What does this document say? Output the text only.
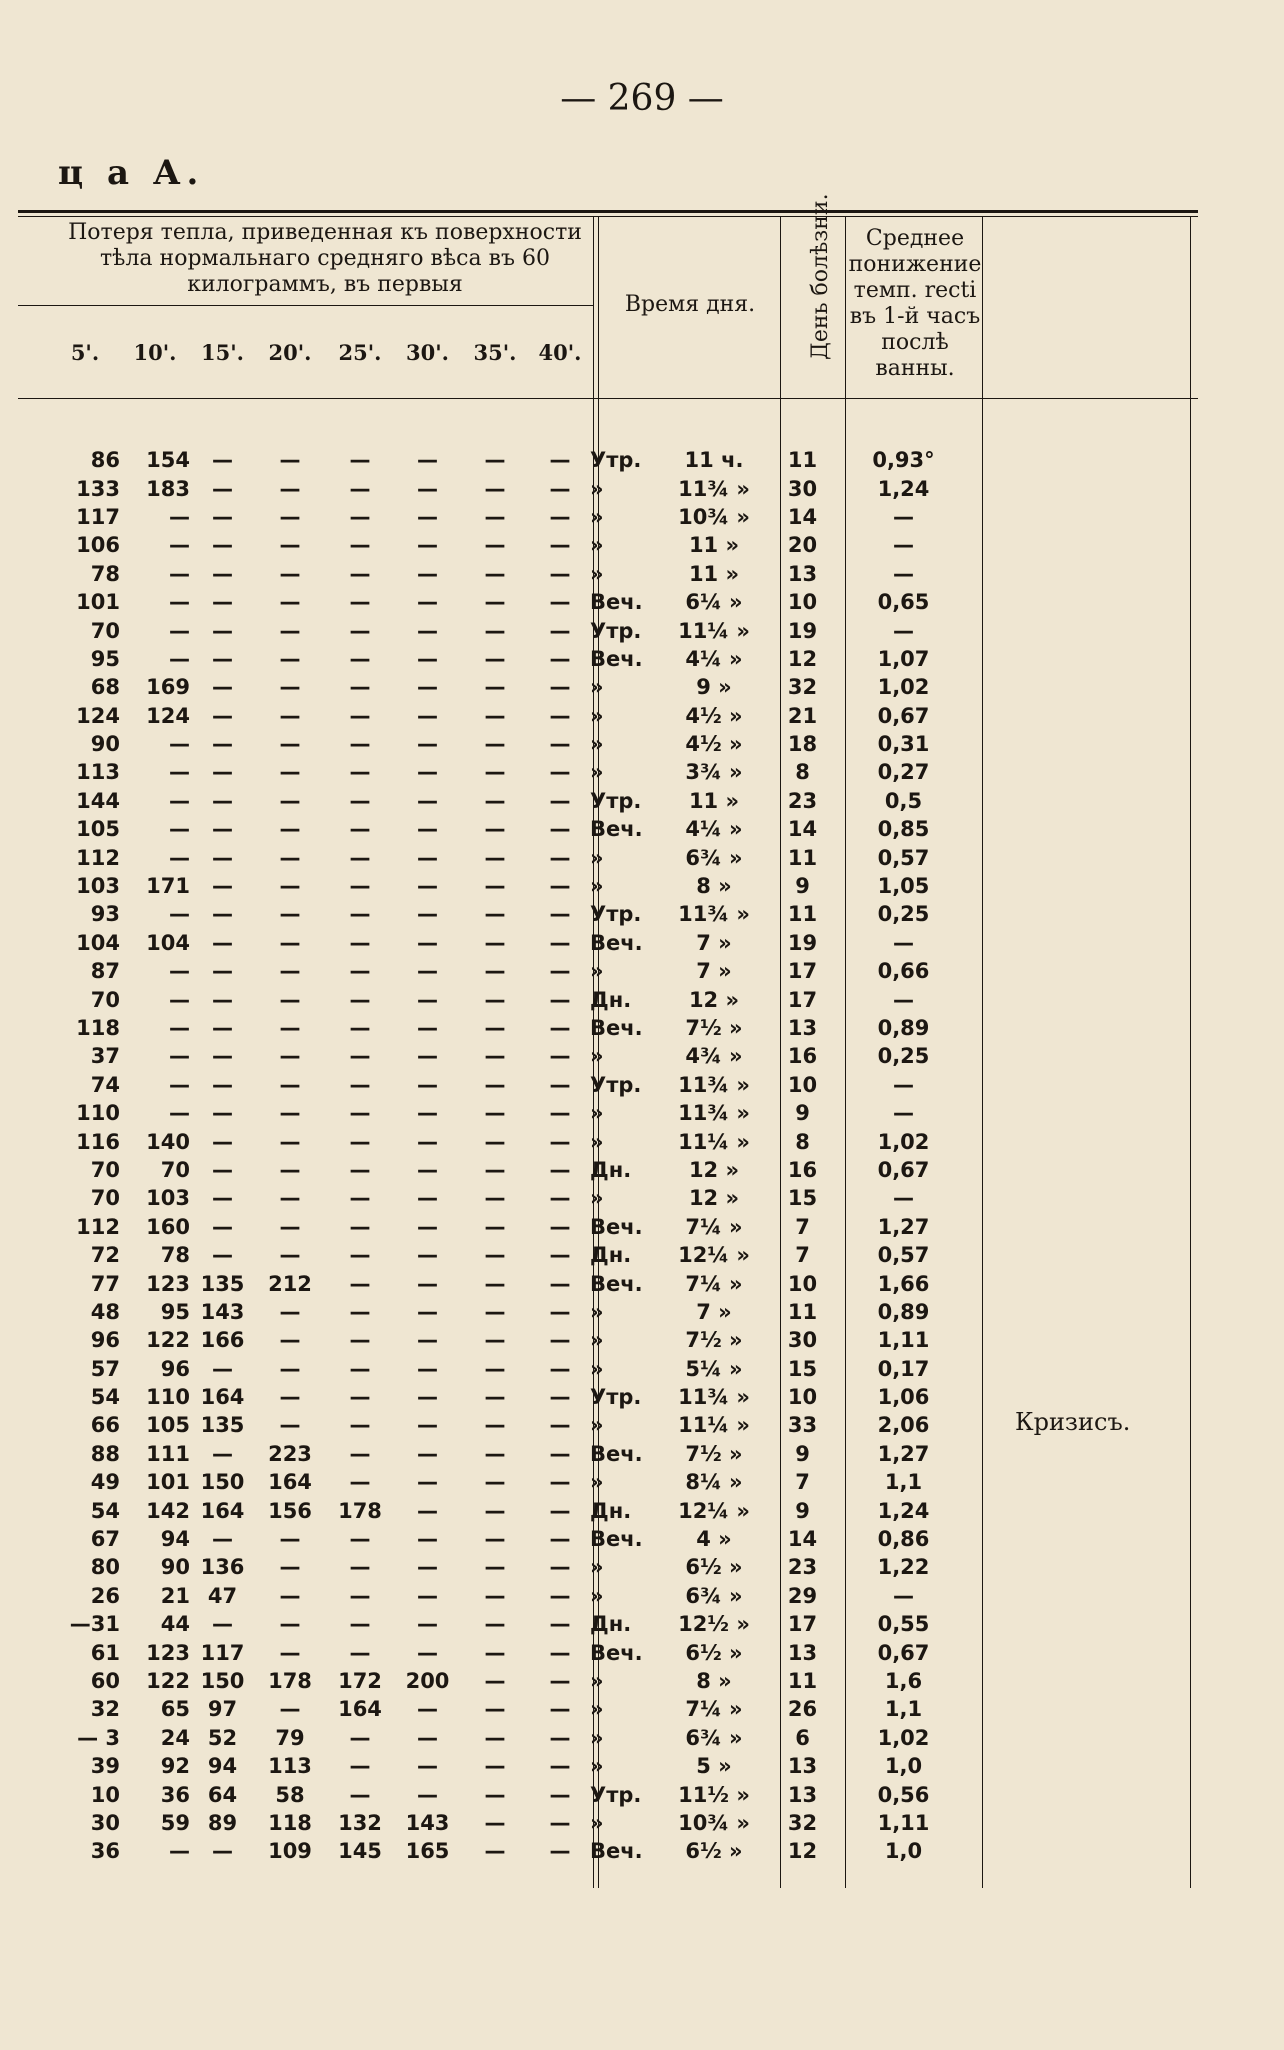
— 269 —
ц а А.
Потеря тепла, приведенная къ поверхности тѣла нормальнаго средняго вѣса въ 60 килограммъ, въ первыя
5'.	10'.	15'.	20'.	25'.	30'.	35'.	40'.
Время дня.	День болѣзни.	Среднее понижение темп. recti въ 1-й часъ послѣ ванны.
86	154	—	—	—	—	—	—	Утр.	11 ч.	11	0,93°
133	183	—	—	—	—	—	—	»	11¾ »	30	1,24
117	—	—	—	—	—	—	—	»	10¾ »	14	—
106	—	—	—	—	—	—	—	»	11 »	20	—
78	—	—	—	—	—	—	—	»	11 »	13	—
101	—	—	—	—	—	—	—	Веч.	6¼ »	10	0,65
70	—	—	—	—	—	—	—	Утр.	11¼ »	19	—
95	—	—	—	—	—	—	—	Веч.	4¼ »	12	1,07
68	169	—	—	—	—	—	—	»	9 »	32	1,02
124	124	—	—	—	—	—	—	»	4½ »	21	0,67
90	—	—	—	—	—	—	—	»	4½ »	18	0,31
113	—	—	—	—	—	—	—	»	3¾ »	8	0,27
144	—	—	—	—	—	—	—	Утр.	11 »	23	0,5
105	—	—	—	—	—	—	—	Веч.	4¼ »	14	0,85
112	—	—	—	—	—	—	—	»	6¾ »	11	0,57
103	171	—	—	—	—	—	—	»	8 »	9	1,05
93	—	—	—	—	—	—	—	Утр.	11¾ »	11	0,25
104	104	—	—	—	—	—	—	Веч.	7 »	19	—
87	—	—	—	—	—	—	—	»	7 »	17	0,66
70	—	—	—	—	—	—	—	Дн.	12 »	17	—
118	—	—	—	—	—	—	—	Веч.	7½ »	13	0,89
37	—	—	—	—	—	—	—	»	4¾ »	16	0,25
74	—	—	—	—	—	—	—	Утр.	11¾ »	10	—
110	—	—	—	—	—	—	—	»	11¾ »	9	—
116	140	—	—	—	—	—	—	»	11¼ »	8	1,02
70	70	—	—	—	—	—	—	Дн.	12 »	16	0,67
70	103	—	—	—	—	—	—	»	12 »	15	—
112	160	—	—	—	—	—	—	Веч.	7¼ »	7	1,27
72	78	—	—	—	—	—	—	Дн.	12¼ »	7	0,57
77	123	135	212	—	—	—	—	Веч.	7¼ »	10	1,66
48	95	143	—	—	—	—	—	»	7 »	11	0,89
96	122	166	—	—	—	—	—	»	7½ »	30	1,11
57	96	—	—	—	—	—	—	»	5¼ »	15	0,17
54	110	164	—	—	—	—	—	Утр.	11¾ »	10	1,06
66	105	135	—	—	—	—	—	»	11¼ »	33	2,06
88	111	—	223	—	—	—	—	Веч.	7½ »	9	1,27
49	101	150	164	—	—	—	—	»	8¼ »	7	1,1
54	142	164	156	178	—	—	—	Дн.	12¼ »	9	1,24
67	94	—	—	—	—	—	—	Веч.	4 »	14	0,86
80	90	136	—	—	—	—	—	»	6½ »	23	1,22
26	21	47	—	—	—	—	—	»	6¾ »	29	—
—31	44	—	—	—	—	—	—	Дн.	12½ »	17	0,55
61	123	117	—	—	—	—	—	Веч.	6½ »	13	0,67
60	122	150	178	172	200	—	—	»	8 »	11	1,6
32	65	97	—	164	—	—	—	»	7¼ »	26	1,1
— 3	24	52	79	—	—	—	—	»	6¾ »	6	1,02
39	92	94	113	—	—	—	—	»	5 »	13	1,0
10	36	64	58	—	—	—	—	Утр.	11½ »	13	0,56
30	59	89	118	132	143	—	—	»	10¾ »	32	1,11
36	—	—	109	145	165	—	—	Веч.	6½ »	12	1,0
Кризисъ.
